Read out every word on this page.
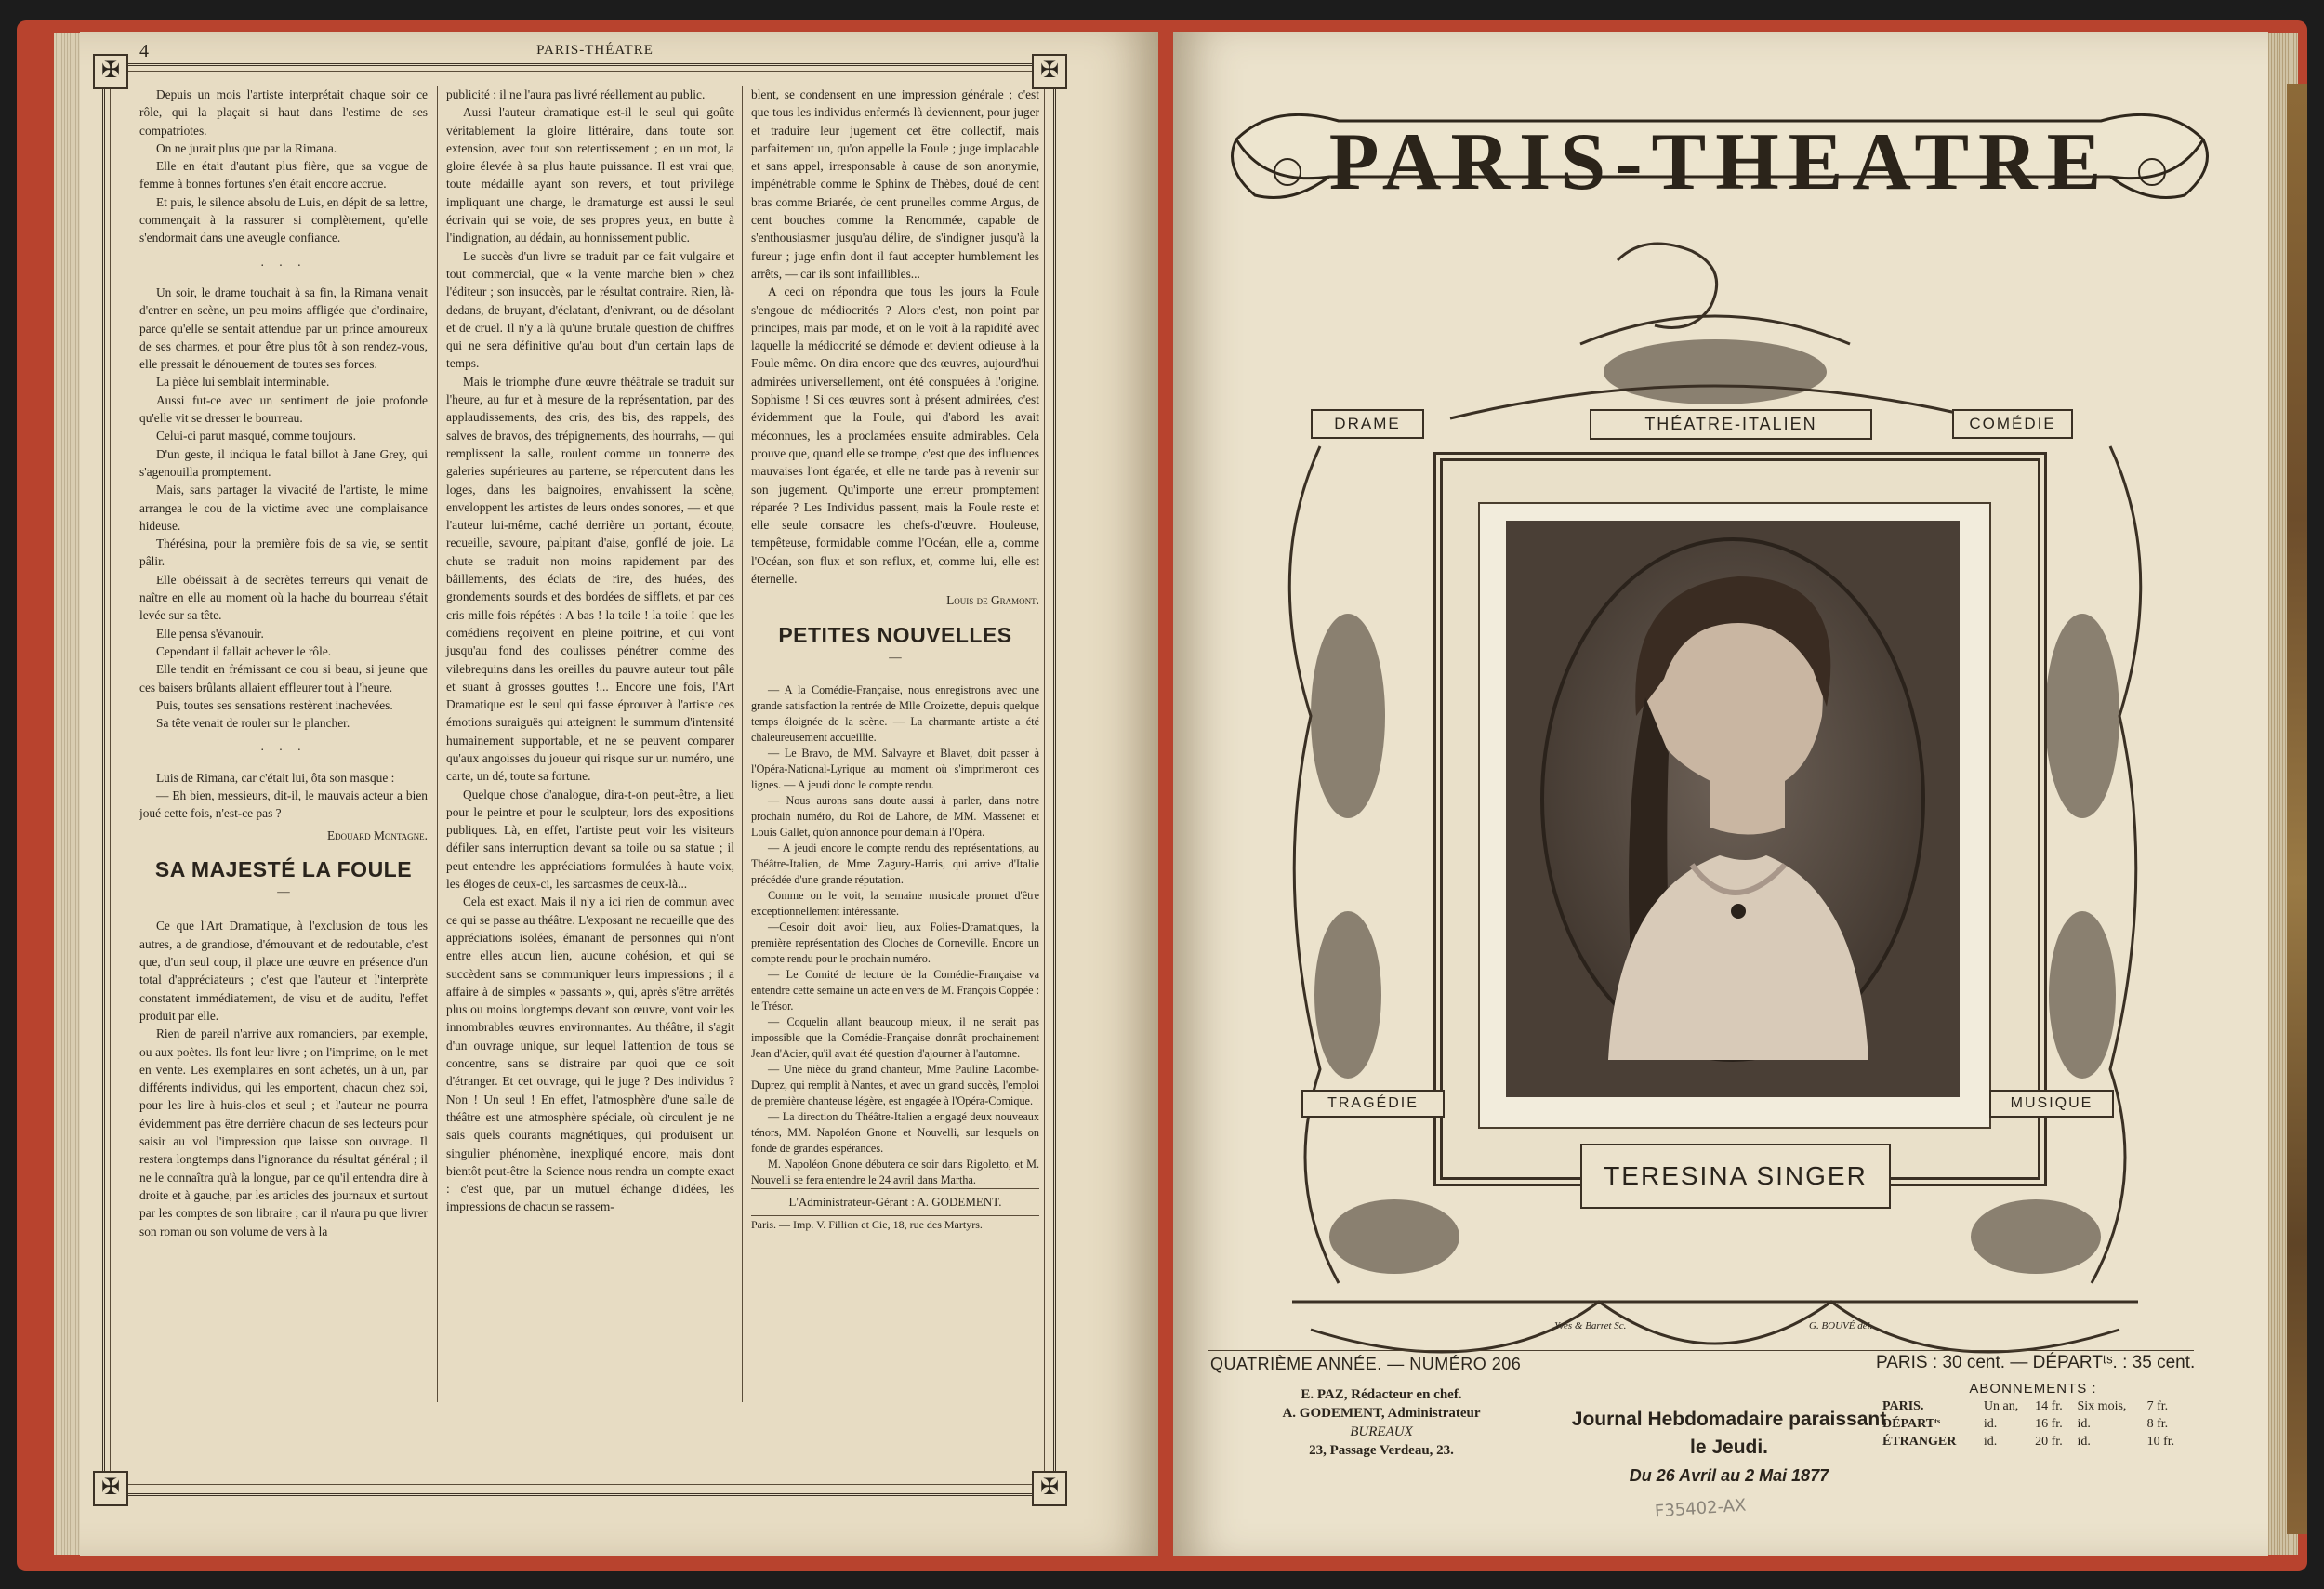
4	PARIS-THÉATRE
✠	✠
✠	✠

Depuis un mois l'artiste interprétait chaque soir ce rôle, qui la plaçait si haut dans l'estime de ses compatriotes.

On ne jurait plus que par la Rimana.

Elle en était d'autant plus fière, que sa vogue de femme à bonnes fortunes s'en était encore accrue.

Et puis, le silence absolu de Luis, en dépit de sa lettre, commençait à la rassurer si complètement, qu'elle s'endormait dans une aveugle confiance.

· · ·

Un soir, le drame touchait à sa fin, la Rimana venait d'entrer en scène, un peu moins affligée que d'ordinaire, parce qu'elle se sentait attendue par un prince amoureux de ses charmes, et pour être plus tôt à son rendez-vous, elle pressait le dénouement de toutes ses forces.

La pièce lui semblait interminable.

Aussi fut-ce avec un sentiment de joie profonde qu'elle vit se dresser le bourreau.

Celui-ci parut masqué, comme toujours.

D'un geste, il indiqua le fatal billot à Jane Grey, qui s'agenouilla promptement.

Mais, sans partager la vivacité de l'artiste, le mime arrangea le cou de la victime avec une complaisance hideuse.

Thérésina, pour la première fois de sa vie, se sentit pâlir.

Elle obéissait à de secrètes terreurs qui venait de naître en elle au moment où la hache du bourreau s'était levée sur sa tête.

Elle pensa s'évanouir.

Cependant il fallait achever le rôle.

Elle tendit en frémissant ce cou si beau, si jeune que ces baisers brûlants allaient effleurer tout à l'heure.

Puis, toutes ses sensations restèrent inachevées.

Sa tête venait de rouler sur le plancher.

· · ·

Luis de Rimana, car c'était lui, ôta son masque :

— Eh bien, messieurs, dit-il, le mauvais acteur a bien joué cette fois, n'est-ce pas ?

Edouard Montagne.
SA MAJESTÉ LA FOULE
—

Ce que l'Art Dramatique, à l'exclusion de tous les autres, a de grandiose, d'émouvant et de redoutable, c'est que, d'un seul coup, il place une œuvre en présence d'un total d'appréciateurs ; c'est que l'auteur et l'interprète constatent immédiatement, de visu et de auditu, l'effet produit par elle.

Rien de pareil n'arrive aux romanciers, par exemple, ou aux poètes. Ils font leur livre ; on l'imprime, on le met en vente. Les exemplaires en sont achetés, un à un, par différents individus, qui les emportent, chacun chez soi, pour les lire à huis-clos et seul ; et l'auteur ne pourra évidemment pas être derrière chacun de ses lecteurs pour saisir au vol l'impression que laisse son ouvrage. Il restera longtemps dans l'ignorance du résultat général ; il ne le connaîtra qu'à la longue, par ce qu'il entendra dire à droite et à gauche, par les articles des journaux et surtout par les comptes de son libraire ; car il n'aura pu que livrer son roman ou son volume de vers à la

publicité : il ne l'aura pas livré réellement au public.

Aussi l'auteur dramatique est-il le seul qui goûte véritablement la gloire littéraire, dans toute son extension, avec tout son retentissement ; en un mot, la gloire élevée à sa plus haute puissance. Il est vrai que, toute médaille ayant son revers, et tout privilège impliquant une charge, le dramaturge est aussi le seul écrivain qui se voie, de ses propres yeux, en butte à l'indignation, au dédain, au honnissement public.

Le succès d'un livre se traduit par ce fait vulgaire et tout commercial, que « la vente marche bien » chez l'éditeur ; son insuccès, par le résultat contraire. Rien, là-dedans, de bruyant, d'éclatant, d'enivrant, ou de désolant et de cruel. Il n'y a là qu'une brutale question de chiffres qui ne sera définitive qu'au bout d'un certain laps de temps.

Mais le triomphe d'une œuvre théâtrale se traduit sur l'heure, au fur et à mesure de la représentation, par des applaudissements, des cris, des bis, des rappels, des salves de bravos, des trépignements, des hourrahs, — qui remplissent la salle, roulent comme un tonnerre des galeries supérieures au parterre, se répercutent dans les loges, dans les baignoires, envahissent la scène, enveloppent les artistes de leurs ondes sonores, — et que l'auteur lui-même, caché derrière un portant, écoute, recueille, savoure, palpitant d'aise, gonflé de joie. La chute se traduit non moins rapidement par des bâillements, des éclats de rire, des huées, des grondements sourds et des bordées de sifflets, et par ces cris mille fois répétés : A bas ! la toile ! la toile ! que les comédiens reçoivent en pleine poitrine, et qui vont jusqu'au fond des coulisses pénétrer comme des vilebrequins dans les oreilles du pauvre auteur tout pâle et suant à grosses gouttes !... Encore une fois, l'Art Dramatique est le seul qui fasse éprouver à l'artiste ces émotions suraiguës qui atteignent le summum d'intensité humainement supportable, et ne se peuvent comparer qu'aux angoisses du joueur qui risque sur un numéro, une carte, un dé, toute sa fortune.

Quelque chose d'analogue, dira-t-on peut-être, a lieu pour le peintre et pour le sculpteur, lors des expositions publiques. Là, en effet, l'artiste peut voir les visiteurs défiler sans interruption devant sa toile ou sa statue ; il peut entendre les appréciations formulées à haute voix, les éloges de ceux-ci, les sarcasmes de ceux-là...

Cela est exact. Mais il n'y a ici rien de commun avec ce qui se passe au théâtre. L'exposant ne recueille que des appréciations isolées, émanant de personnes qui n'ont entre elles aucun lien, aucune cohésion, et qui se succèdent sans se communiquer leurs impressions ; il a affaire à de simples « passants », qui, après s'être arrêtés plus ou moins longtemps devant son œuvre, vont voir les innombrables œuvres environnantes. Au théâtre, il s'agit d'un ouvrage unique, sur lequel l'attention de tous se concentre, sans se distraire par quoi que ce soit d'étranger. Et cet ouvrage, qui le juge ? Des individus ? Non ! Un seul ! En effet, l'atmosphère d'une salle de théâtre est une atmosphère spéciale, où circulent je ne sais quels courants magnétiques, qui produisent un singulier phénomène, inexpliqué encore, mais dont bientôt peut-être la Science nous rendra un compte exact : c'est que, par un mutuel échange d'idées, les impressions de chacun se rassem-

blent, se condensent en une impression générale ; c'est que tous les individus enfermés là deviennent, pour juger et traduire leur jugement cet être collectif, mais parfaitement un, qu'on appelle la Foule ; juge implacable et sans appel, irresponsable à cause de son anonymie, impénétrable comme le Sphinx de Thèbes, doué de cent bras comme Briarée, de cent prunelles comme Argus, de cent bouches comme la Renommée, capable de s'enthousiasmer jusqu'au délire, de s'indigner jusqu'à la fureur ; juge enfin dont il faut accepter humblement les arrêts, — car ils sont infaillibles...

A ceci on répondra que tous les jours la Foule s'engoue de médiocrités ? Alors c'est, non point par principes, mais par mode, et on le voit à la rapidité avec laquelle la médiocrité se démode et devient odieuse à la Foule même. On dira encore que des œuvres, aujourd'hui admirées universellement, ont été conspuées à l'origine. Sophisme ! Si ces œuvres sont à présent admirées, c'est évidemment que la Foule, qui d'abord les avait méconnues, les a proclamées ensuite admirables. Cela prouve que, quand elle se trompe, c'est que des influences mauvaises l'ont égarée, et elle ne tarde pas à revenir sur son jugement. Qu'importe une erreur promptement réparée ? Les Individus passent, mais la Foule reste et elle seule consacre les chefs-d'œuvre. Houleuse, tempêteuse, formidable comme l'Océan, elle a, comme l'Océan, son flux et son reflux, et, comme lui, elle est éternelle.

Louis de Gramont.
PETITES NOUVELLES
—

— A la Comédie-Française, nous enregistrons avec une grande satisfaction la rentrée de Mlle Croizette, depuis quelque temps éloignée de la scène. — La charmante artiste a été chaleureusement accueillie.

— Le Bravo, de MM. Salvayre et Blavet, doit passer à l'Opéra-National-Lyrique au moment où s'imprimeront ces lignes. — A jeudi donc le compte rendu.

— Nous aurons sans doute aussi à parler, dans notre prochain numéro, du Roi de Lahore, de MM. Massenet et Louis Gallet, qu'on annonce pour demain à l'Opéra.

— A jeudi encore le compte rendu des représentations, au Théâtre-Italien, de Mme Zagury-Harris, qui arrive d'Italie précédée d'une grande réputation.

Comme on le voit, la semaine musicale promet d'être exceptionnellement intéressante.

—Cesoir doit avoir lieu, aux Folies-Dramatiques, la première représentation des Cloches de Corneville. Encore un compte rendu pour le prochain numéro.

— Le Comité de lecture de la Comédie-Française va entendre cette semaine un acte en vers de M. François Coppée : le Trésor.

— Coquelin allant beaucoup mieux, il ne serait pas impossible que la Comédie-Française donnât prochainement Jean d'Acier, qu'il avait été question d'ajourner à l'automne.

— Une nièce du grand chanteur, Mme Pauline Lacombe-Duprez, qui remplit à Nantes, et avec un grand succès, l'emploi de première chanteuse légère, est engagée à l'Opéra-Comique.

— La direction du Théâtre-Italien a engagé deux nouveaux ténors, MM. Napoléon Gnone et Nouvelli, sur lesquels on fonde de grandes espérances.

M. Napoléon Gnone débutera ce soir dans Rigoletto, et M. Nouvelli se fera entendre le 24 avril dans Martha.

L'Administrateur-Gérant : A. GODEMENT.

Paris. — Imp. V. Fillion et Cie, 18, rue des Martyrs.

PARIS-THEATRE
DRAME	THÉATRE-ITALIEN	COMÉDIE
TRAGÉDIE	MUSIQUE
TERESINA SINGER
Yves & Barret Sc.	G. BOUVÉ del.
QUATRIÈME ANNÉE. — NUMÉRO 206	PARIS : 30 cent. — DÉPARTᵗˢ. : 35 cent.
E. PAZ, Rédacteur en chef.
A. GODEMENT, Administrateur
BUREAUX
23, Passage Verdeau, 23.
Journal Hebdomadaire paraissant le Jeudi.
Du 26 Avril au 2 Mai 1877
ABONNEMENTS :
PARIS.	Un an,	14 fr.	Six mois,	7 fr.
DÉPARTᵗˢ	id.	16 fr.	id.	8 fr.
ÉTRANGER	id.	20 fr.	id.	10 fr.
F35402-AX
